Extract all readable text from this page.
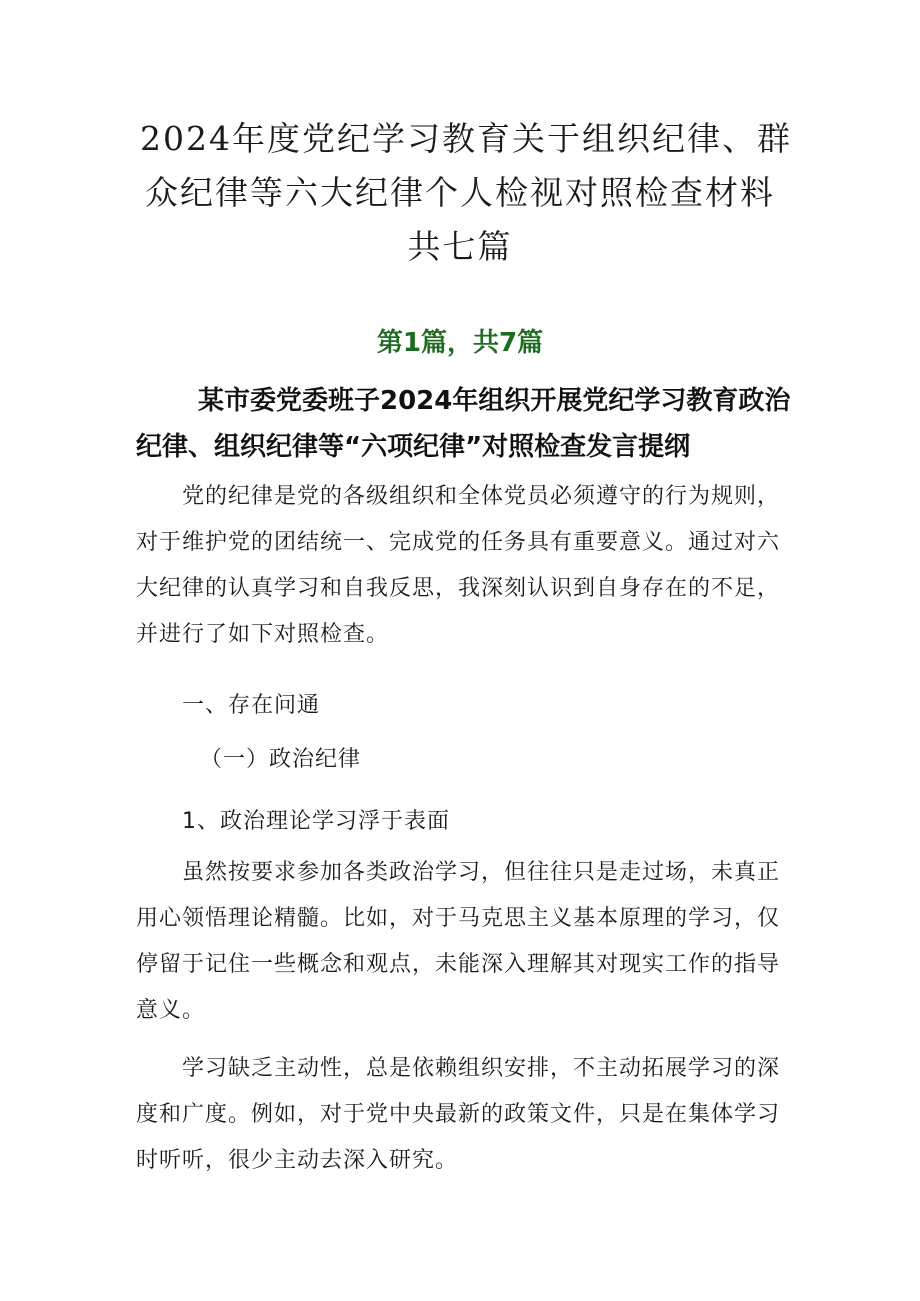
2024年度党纪学习教育关于组织纪律、群
众纪律等六大纪律个人检视对照检查材料
共七篇
第1篇，共7篇
某市委党委班子2024年组织开展党纪学习教育政治
纪律、组织纪律等“六项纪律”对照检查发言提纲
党的纪律是党的各级组织和全体党员必须遵守的行为规则，
对于维护党的团结统一、完成党的任务具有重要意义。通过对六
大纪律的认真学习和自我反思，我深刻认识到自身存在的不足，
并进行了如下对照检查。
一、存在问通
（一）政治纪律
1、政治理论学习浮于表面
虽然按要求参加各类政治学习，但往往只是走过场，未真正
用心领悟理论精髓。比如，对于马克思主义基本原理的学习，仅
停留于记住一些概念和观点，未能深入理解其对现实工作的指导
意义。
学习缺乏主动性，总是依赖组织安排，不主动拓展学习的深
度和广度。例如，对于党中央最新的政策文件，只是在集体学习
时听听，很少主动去深入研究。
